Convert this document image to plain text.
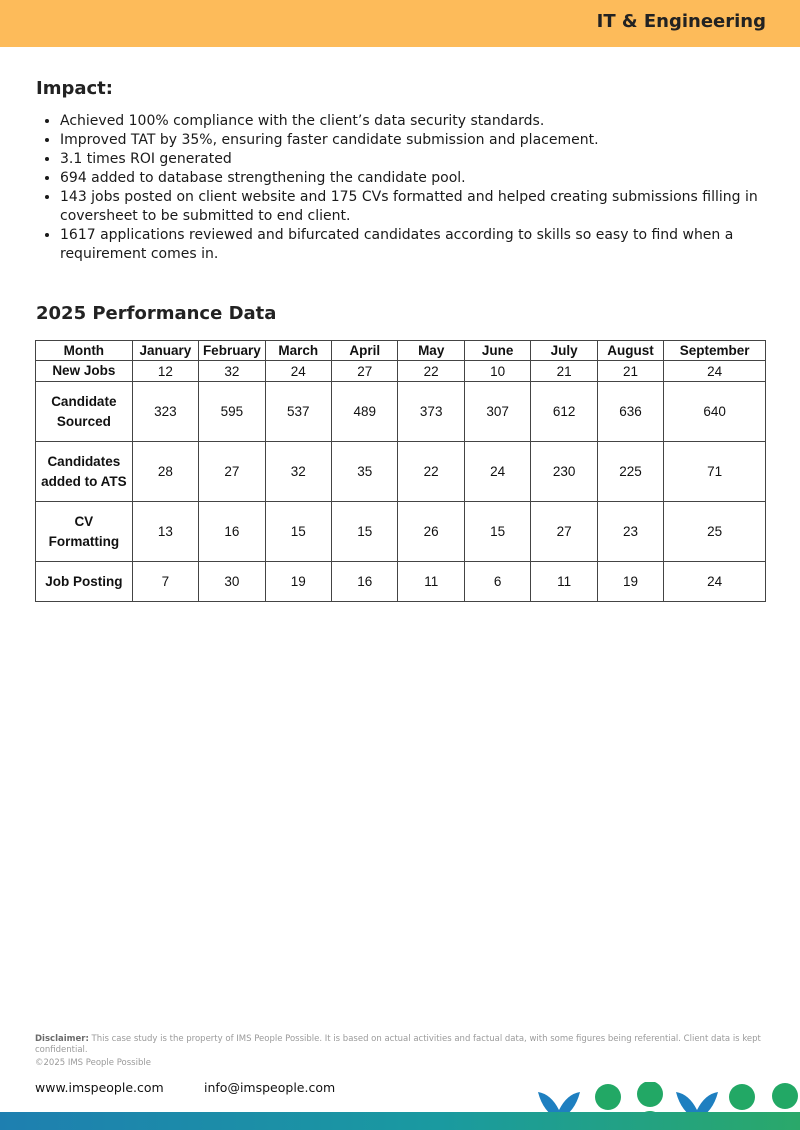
IT & Engineering
Impact:
• Achieved 100% compliance with the client’s data security standards.
• Improved TAT by 35%, ensuring faster candidate submission and placement.
• 3.1 times ROI generated
• 694 added to database strengthening the candidate pool.
• 143 jobs posted on client website and 175 CVs formatted and helped creating submissions filling in coversheet to be submitted to end client.
• 1617 applications reviewed and bifurcated candidates according to skills so easy to find when a requirement comes in.
2025 Performance Data
Month	January	February	March	April	May	June	July	August	September

New Jobs	12	32	24	27	22	10	21	21	24

Candidate
Sourced	323	595	537	489	373	307	612	636	640

Candidates
added to ATS	28	27	32	35	22	24	230	225	71

CV Formatting	13	16	15	15	26	15	27	23	25

Job Posting	7	30	19	16	11	6	11	19	24

Disclaimer: This case study is the property of IMS People Possible. It is based on actual activities and factual data, with some figures being referential. Client data is kept confidential.

©2025 IMS People Possible

www.imspeople.com	info@imspeople.com
